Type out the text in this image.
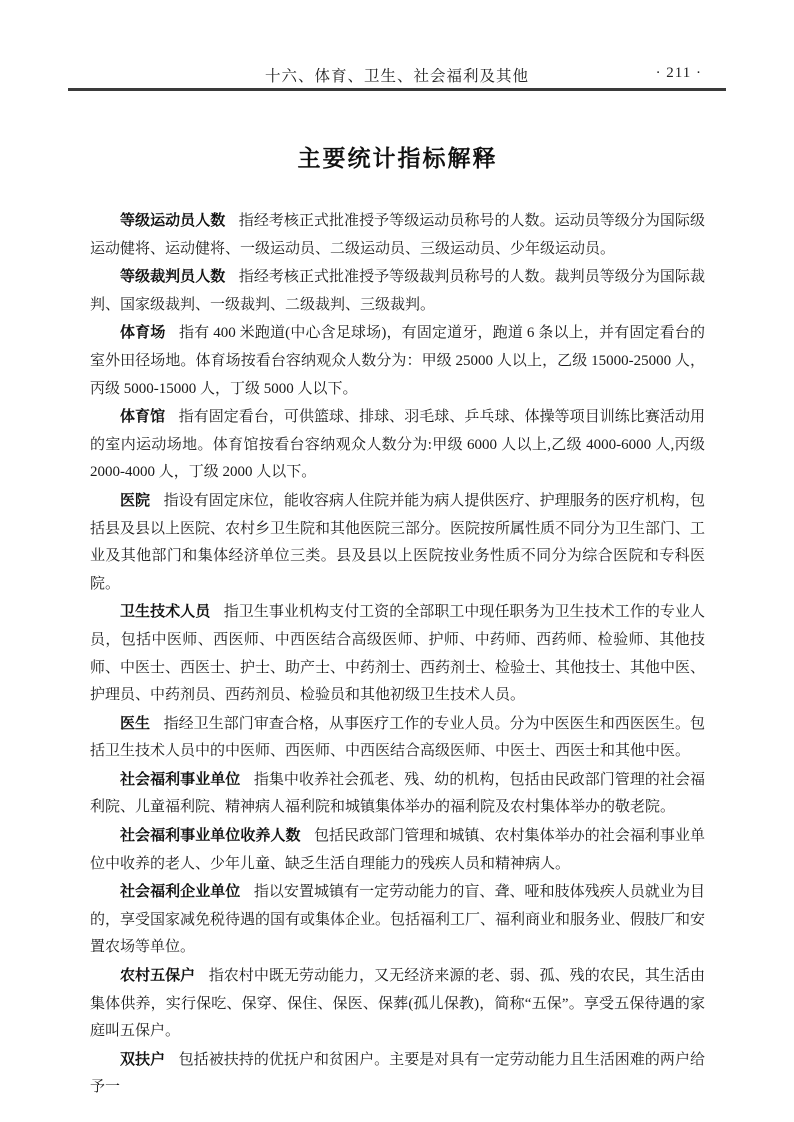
十六、体育、卫生、社会福利及其他	· 211 ·
主要统计指标解释

等级运动员人数 指经考核正式批准授予等级运动员称号的人数。运动员等级分为国际级运动健将、运动健将、一级运动员、二级运动员、三级运动员、少年级运动员。

等级裁判员人数 指经考核正式批准授予等级裁判员称号的人数。裁判员等级分为国际裁判、国家级裁判、一级裁判、二级裁判、三级裁判。

体育场 指有 400 米跑道(中心含足球场)，有固定道牙，跑道 6 条以上，并有固定看台的室外田径场地。体育场按看台容纳观众人数分为：甲级 25000 人以上，乙级 15000-25000 人，丙级 5000-15000 人，丁级 5000 人以下。

体育馆 指有固定看台，可供篮球、排球、羽毛球、乒乓球、体操等项目训练比赛活动用的室内运动场地。体育馆按看台容纳观众人数分为:甲级 6000 人以上,乙级 4000-6000 人,丙级 2000-4000 人，丁级 2000 人以下。

医院 指设有固定床位，能收容病人住院并能为病人提供医疗、护理服务的医疗机构，包括县及县以上医院、农村乡卫生院和其他医院三部分。医院按所属性质不同分为卫生部门、工业及其他部门和集体经济单位三类。县及县以上医院按业务性质不同分为综合医院和专科医院。

卫生技术人员 指卫生事业机构支付工资的全部职工中现任职务为卫生技术工作的专业人员，包括中医师、西医师、中西医结合高级医师、护师、中药师、西药师、检验师、其他技师、中医士、西医士、护士、助产士、中药剂士、西药剂士、检验士、其他技士、其他中医、护理员、中药剂员、西药剂员、检验员和其他初级卫生技术人员。

医生 指经卫生部门审查合格，从事医疗工作的专业人员。分为中医医生和西医医生。包括卫生技术人员中的中医师、西医师、中西医结合高级医师、中医士、西医士和其他中医。

社会福利事业单位 指集中收养社会孤老、残、幼的机构，包括由民政部门管理的社会福利院、儿童福利院、精神病人福利院和城镇集体举办的福利院及农村集体举办的敬老院。

社会福利事业单位收养人数 包括民政部门管理和城镇、农村集体举办的社会福利事业单位中收养的老人、少年儿童、缺乏生活自理能力的残疾人员和精神病人。

社会福利企业单位 指以安置城镇有一定劳动能力的盲、聋、哑和肢体残疾人员就业为目的，享受国家减免税待遇的国有或集体企业。包括福利工厂、福利商业和服务业、假肢厂和安置农场等单位。

农村五保户 指农村中既无劳动能力，又无经济来源的老、弱、孤、残的农民，其生活由集体供养，实行保吃、保穿、保住、保医、保葬(孤儿保教)，简称“五保”。享受五保待遇的家庭叫五保户。

双扶户 包括被扶持的优抚户和贫困户。主要是对具有一定劳动能力且生活困难的两户给予一
